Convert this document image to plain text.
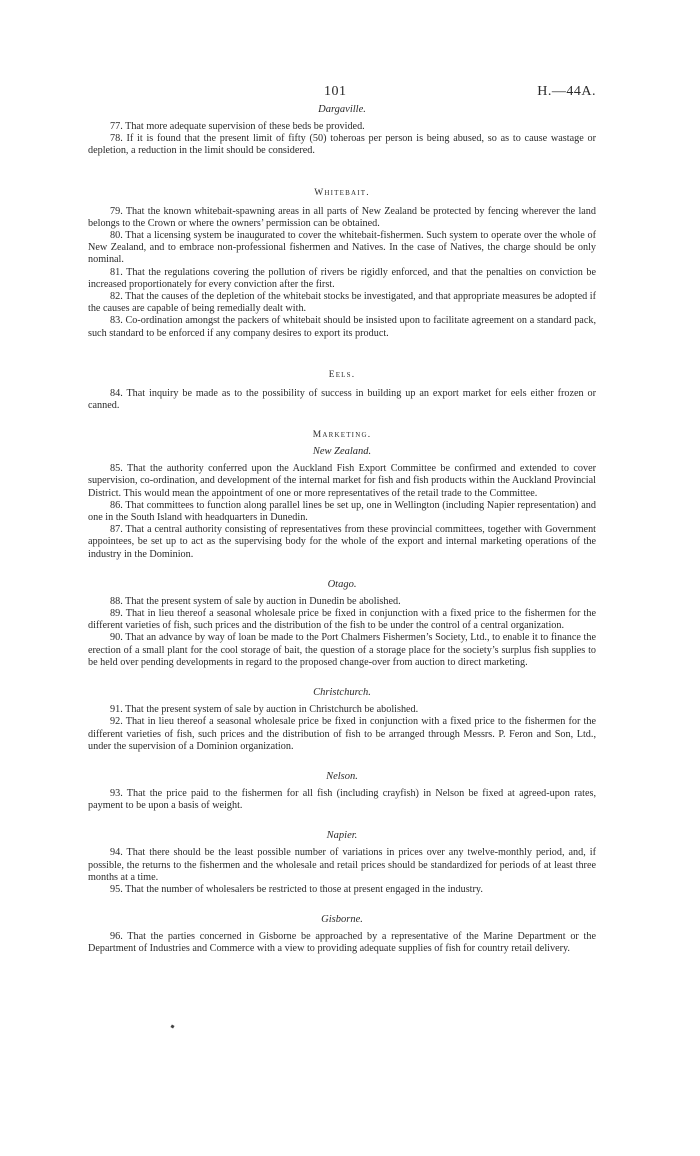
101	H.—44A.

Dargaville.

77. That more adequate supervision of these beds be provided.

78. If it is found that the present limit of fifty (50) toheroas per person is being abused, so as to cause wastage or depletion, a reduction in the limit should be considered.

Whitebait.

79. That the known whitebait-spawning areas in all parts of New Zealand be protected by fencing wherever the land belongs to the Crown or where the owners’ permission can be obtained.

80. That a licensing system be inaugurated to cover the whitebait-fishermen. Such system to operate over the whole of New Zealand, and to embrace non-professional fishermen and Natives. In the case of Natives, the charge should be only nominal.

81. That the regulations covering the pollution of rivers be rigidly enforced, and that the penalties on conviction be increased proportionately for every conviction after the first.

82. That the causes of the depletion of the whitebait stocks be investigated, and that appropriate measures be adopted if the causes are capable of being remedially dealt with.

83. Co-ordination amongst the packers of whitebait should be insisted upon to facilitate agreement on a standard pack, such standard to be enforced if any company desires to export its product.

Eels.

84. That inquiry be made as to the possibility of success in building up an export market for eels either frozen or canned.

Marketing.

New Zealand.

85. That the authority conferred upon the Auckland Fish Export Committee be confirmed and extended to cover supervision, co-ordination, and development of the internal market for fish and fish products within the Auckland Provincial District. This would mean the appointment of one or more representatives of the retail trade to the Committee.

86. That committees to function along parallel lines be set up, one in Wellington (including Napier representation) and one in the South Island with headquarters in Dunedin.

87. That a central authority consisting of representatives from these provincial committees, together with Government appointees, be set up to act as the supervising body for the whole of the export and internal marketing operations of the industry in the Dominion.

Otago.

88. That the present system of sale by auction in Dunedin be abolished.

89. That in lieu thereof a seasonal wholesale price be fixed in conjunction with a fixed price to the fishermen for the different varieties of fish, such prices and the distribution of the fish to be under the control of a central organization.

90. That an advance by way of loan be made to the Port Chalmers Fishermen’s Society, Ltd., to enable it to finance the erection of a small plant for the cool storage of bait, the question of a storage place for the society’s surplus fish supplies to be held over pending developments in regard to the proposed change-over from auction to direct marketing.

Christchurch.

91. That the present system of sale by auction in Christchurch be abolished.

92. That in lieu thereof a seasonal wholesale price be fixed in conjunction with a fixed price to the fishermen for the different varieties of fish, such prices and the distribution of fish to be arranged through Messrs. P. Feron and Son, Ltd., under the supervision of a Dominion organization.

Nelson.

93. That the price paid to the fishermen for all fish (including crayfish) in Nelson be fixed at agreed-upon rates, payment to be upon a basis of weight.

Napier.

94. That there should be the least possible number of variations in prices over any twelve-monthly period, and, if possible, the returns to the fishermen and the wholesale and retail prices should be standardized for periods of at least three months at a time.

95. That the number of wholesalers be restricted to those at present engaged in the industry.

Gisborne.

96. That the parties concerned in Gisborne be approached by a representative of the Marine Department or the Department of Industries and Commerce with a view to providing adequate supplies of fish for country retail delivery.
